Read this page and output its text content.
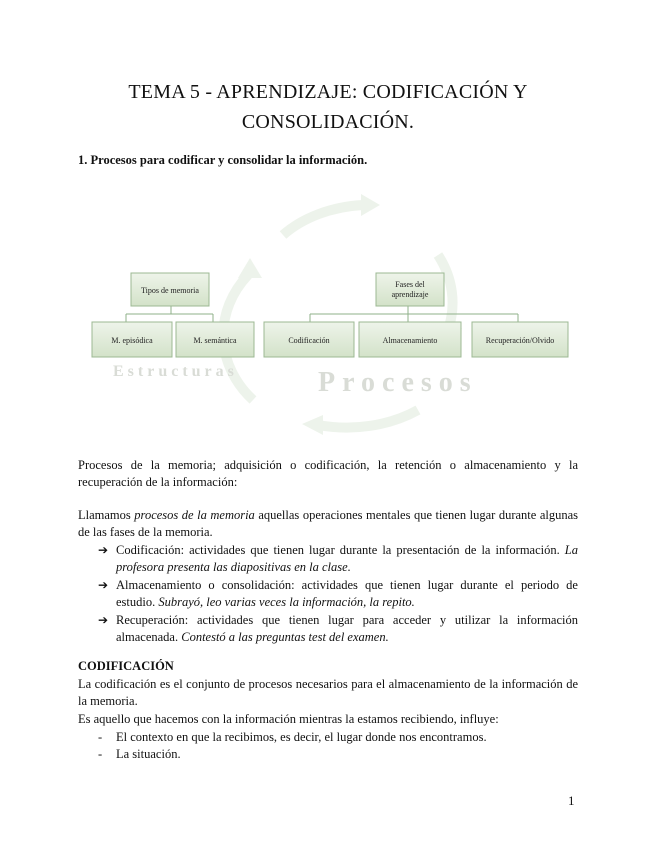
TEMA 5 - APRENDIZAJE: CODIFICACIÓN Y
CONSOLIDACIÓN.
1. Procesos para codificar y consolidar la información.
Estructuras	Procesos
Tipos de memoria
M. episódica	M. semántica
Fases del
aprendizaje
Codificación	Almacenamiento	Recuperación/Olvido
Procesos de la memoria; adquisición o codificación, la retención o almacenamiento y la recuperación de la información:
Llamamos procesos de la memoria aquellas operaciones mentales que tienen lugar durante algunas de las fases de la memoria.
➔ Codificación: actividades que tienen lugar durante la presentación de la información. La profesora presenta las diapositivas en la clase.
➔ Almacenamiento o consolidación: actividades que tienen lugar durante el periodo de estudio. Subrayó, leo varias veces la información, la repito.
➔ Recuperación: actividades que tienen lugar para acceder y utilizar la información almacenada. Contestó a las preguntas test del examen.
CODIFICACIÓN
La codificación es el conjunto de procesos necesarios para el almacenamiento de la información de la memoria.
Es aquello que hacemos con la información mientras la estamos recibiendo, influye:
- El contexto en que la recibimos, es decir, el lugar donde nos encontramos.
- La situación.
1
